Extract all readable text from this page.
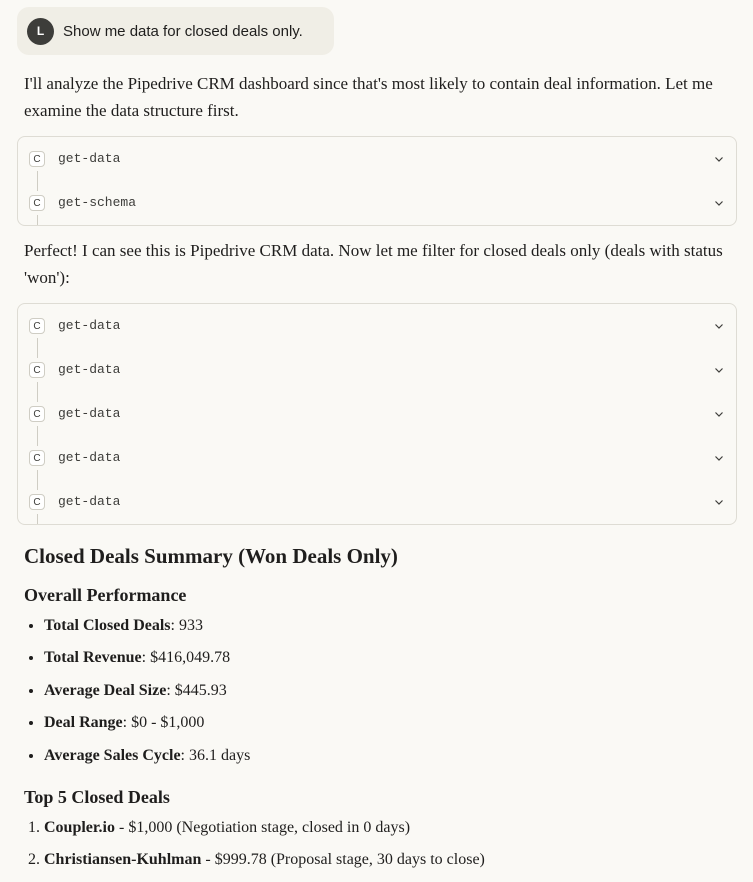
L	Show me data for closed deals only.

I'll analyze the Pipedrive CRM dashboard since that's most likely to contain deal information. Let me examine the data structure first.

C	get-data
C	get-schema

Perfect! I can see this is Pipedrive CRM data. Now let me filter for closed deals only (deals with status 'won'):

C	get-data
C	get-data
C	get-data
C	get-data
C	get-data
Closed Deals Summary (Won Deals Only)
Overall Performance
• Total Closed Deals: 933
• Total Revenue: $416,049.78
• Average Deal Size: $445.93
• Deal Range: $0 - $1,000
• Average Sales Cycle: 36.1 days
Top 5 Closed Deals
1. Coupler.io - $1,000 (Negotiation stage, closed in 0 days)
2. Christiansen-Kuhlman - $999.78 (Proposal stage, 30 days to close)
